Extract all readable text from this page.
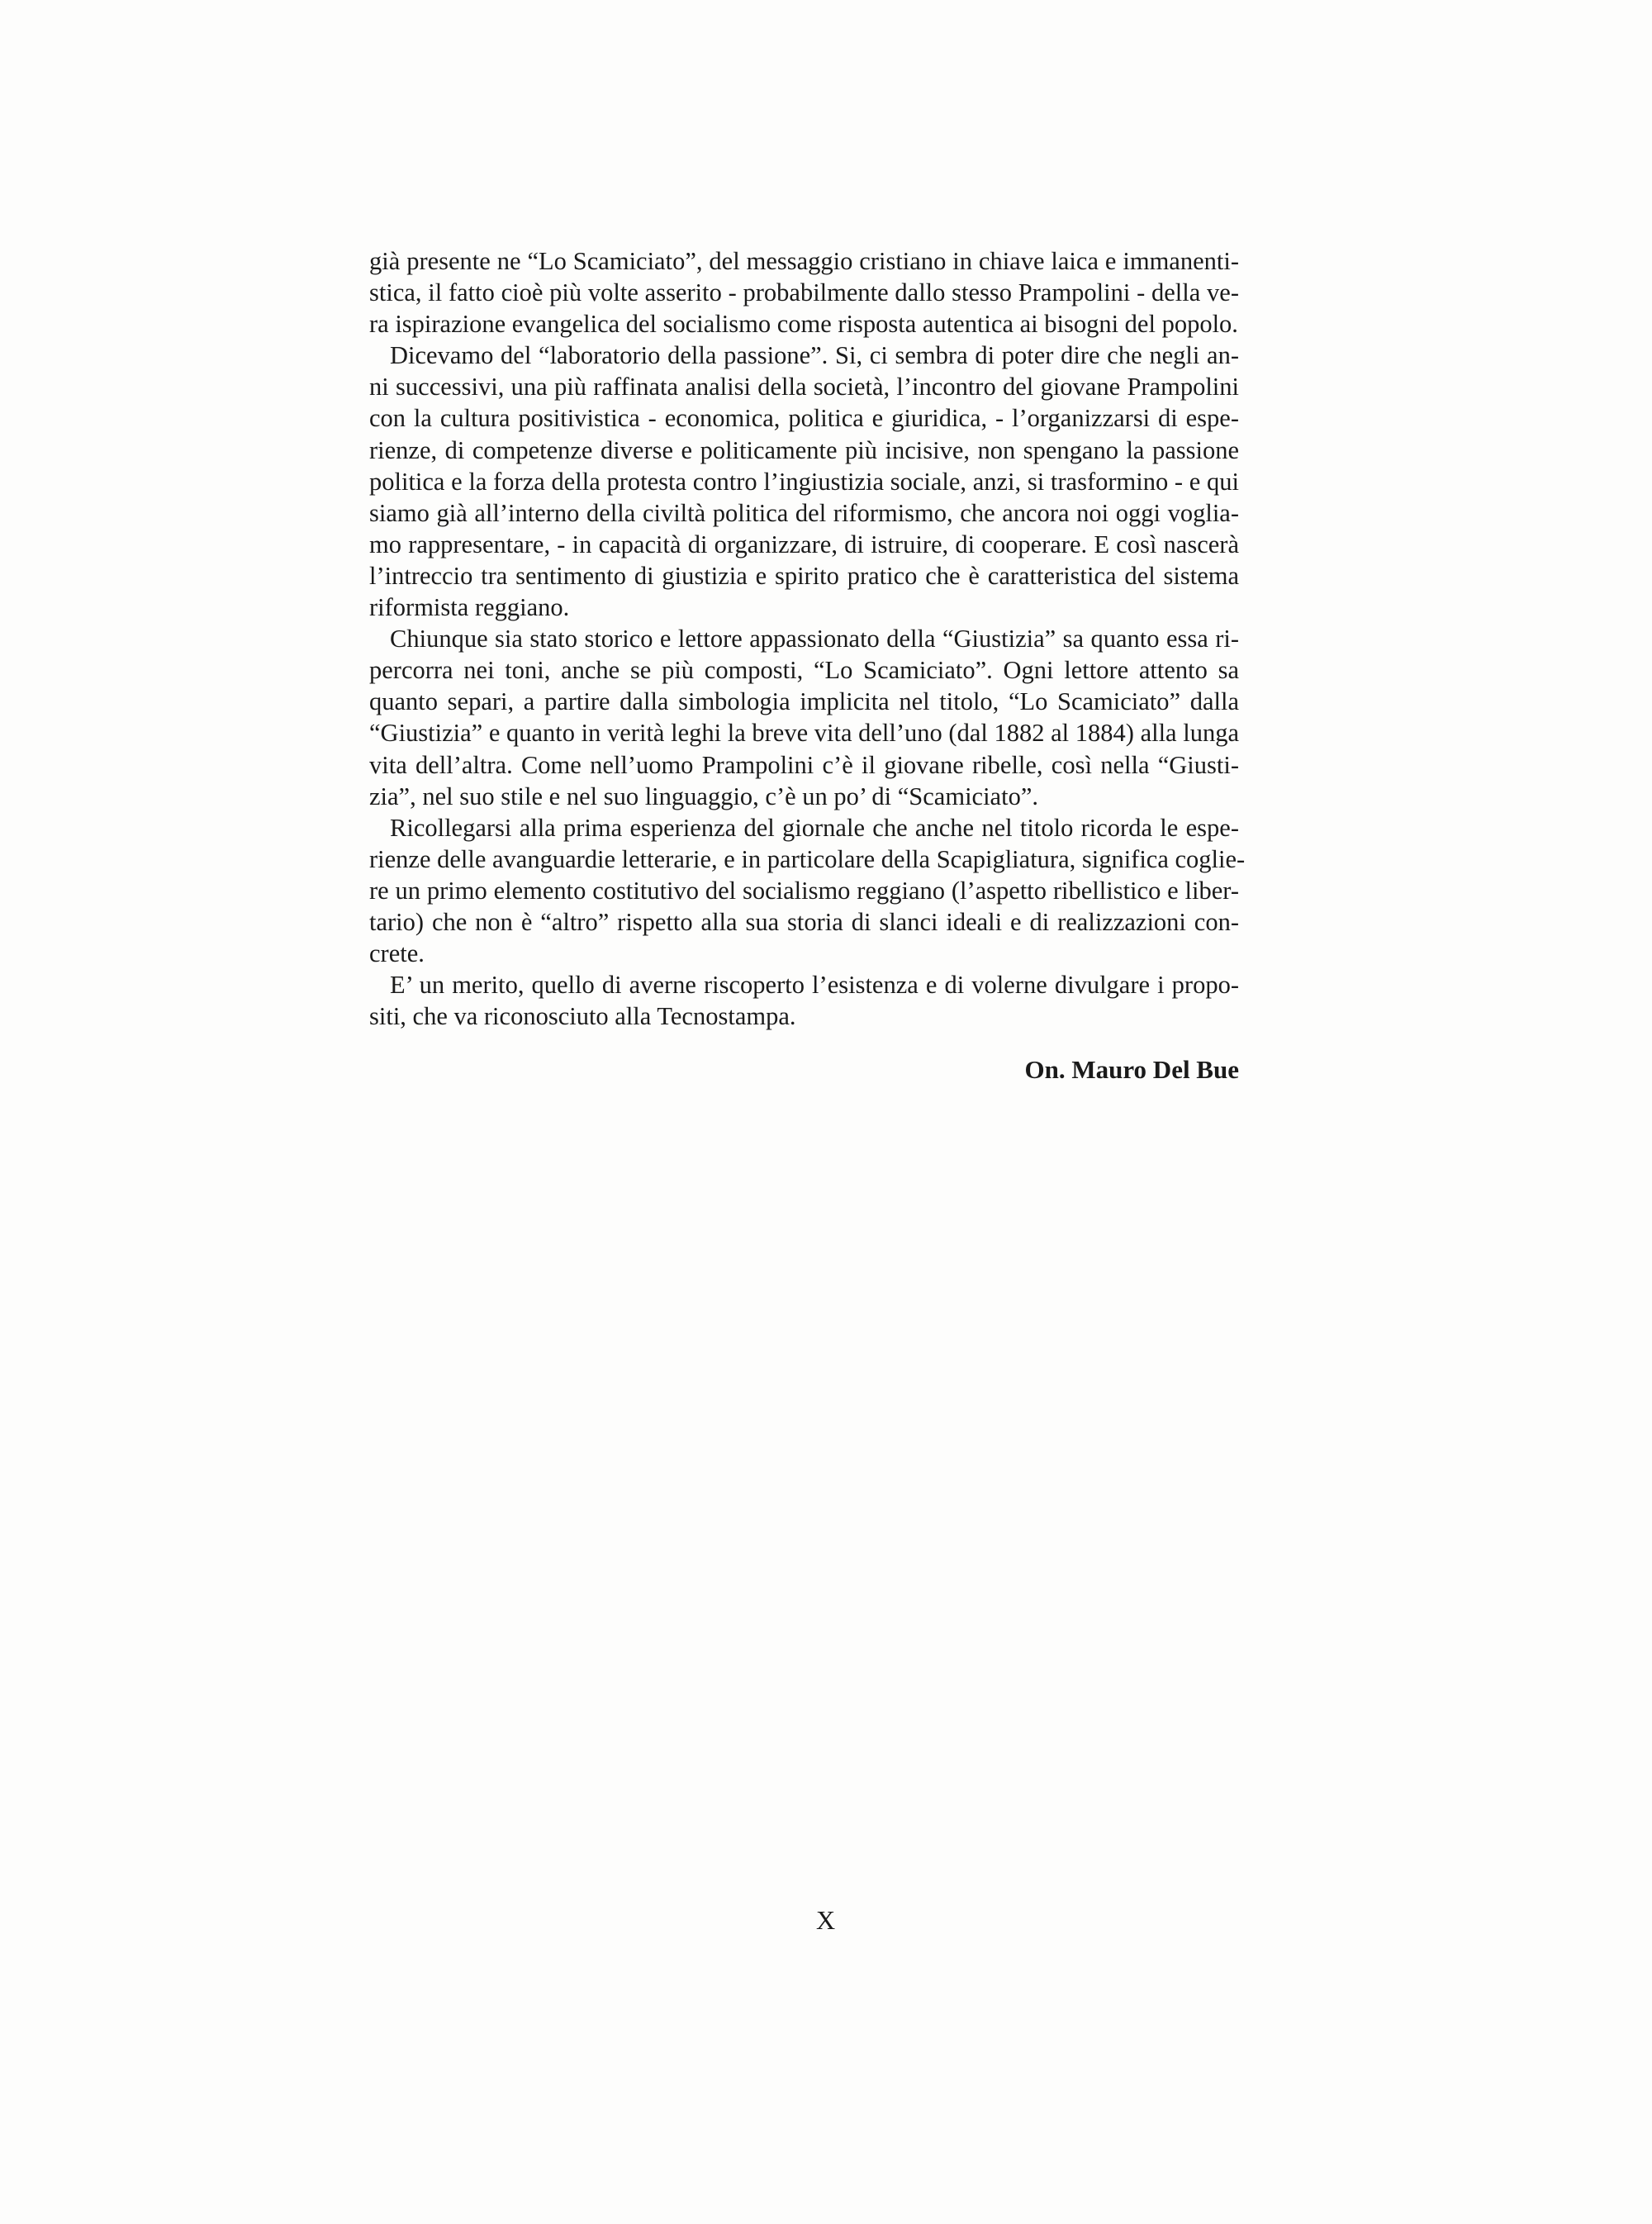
già presente ne “Lo Scamiciato”, del messaggio cristiano in chiave laica e immanenti-
stica, il fatto cioè più volte asserito - probabilmente dallo stesso Prampolini - della ve-
ra ispirazione evangelica del socialismo come risposta autentica ai bisogni del popolo.

Dicevamo del “laboratorio della passione”. Si, ci sembra di poter dire che negli an-
ni successivi, una più raffinata analisi della società, l’incontro del giovane Prampolini
con la cultura positivistica - economica, politica e giuridica, - l’organizzarsi di espe-
rienze, di competenze diverse e politicamente più incisive, non spengano la passione
politica e la forza della protesta contro l’ingiustizia sociale, anzi, si trasformino - e qui
siamo già all’interno della civiltà politica del riformismo, che ancora noi oggi voglia-
mo rappresentare, - in capacità di organizzare, di istruire, di cooperare. E così nascerà
l’intreccio tra sentimento di giustizia e spirito pratico che è caratteristica del sistema
riformista reggiano.

Chiunque sia stato storico e lettore appassionato della “Giustizia” sa quanto essa ri-
percorra nei toni, anche se più composti, “Lo Scamiciato”. Ogni lettore attento sa
quanto separi, a partire dalla simbologia implicita nel titolo, “Lo Scamiciato” dalla
“Giustizia” e quanto in verità leghi la breve vita dell’uno (dal 1882 al 1884) alla lunga
vita dell’altra. Come nell’uomo Prampolini c’è il giovane ribelle, così nella “Giusti-
zia”, nel suo stile e nel suo linguaggio, c’è un po’ di “Scamiciato”.

Ricollegarsi alla prima esperienza del giornale che anche nel titolo ricorda le espe-
rienze delle avanguardie letterarie, e in particolare della Scapigliatura, significa coglie-
re un primo elemento costitutivo del socialismo reggiano (l’aspetto ribellistico e liber-
tario) che non è “altro” rispetto alla sua storia di slanci ideali e di realizzazioni con-
crete.

E’ un merito, quello di averne riscoperto l’esistenza e di volerne divulgare i propo-
siti, che va riconosciuto alla Tecnostampa.

On. Mauro Del Bue
X
